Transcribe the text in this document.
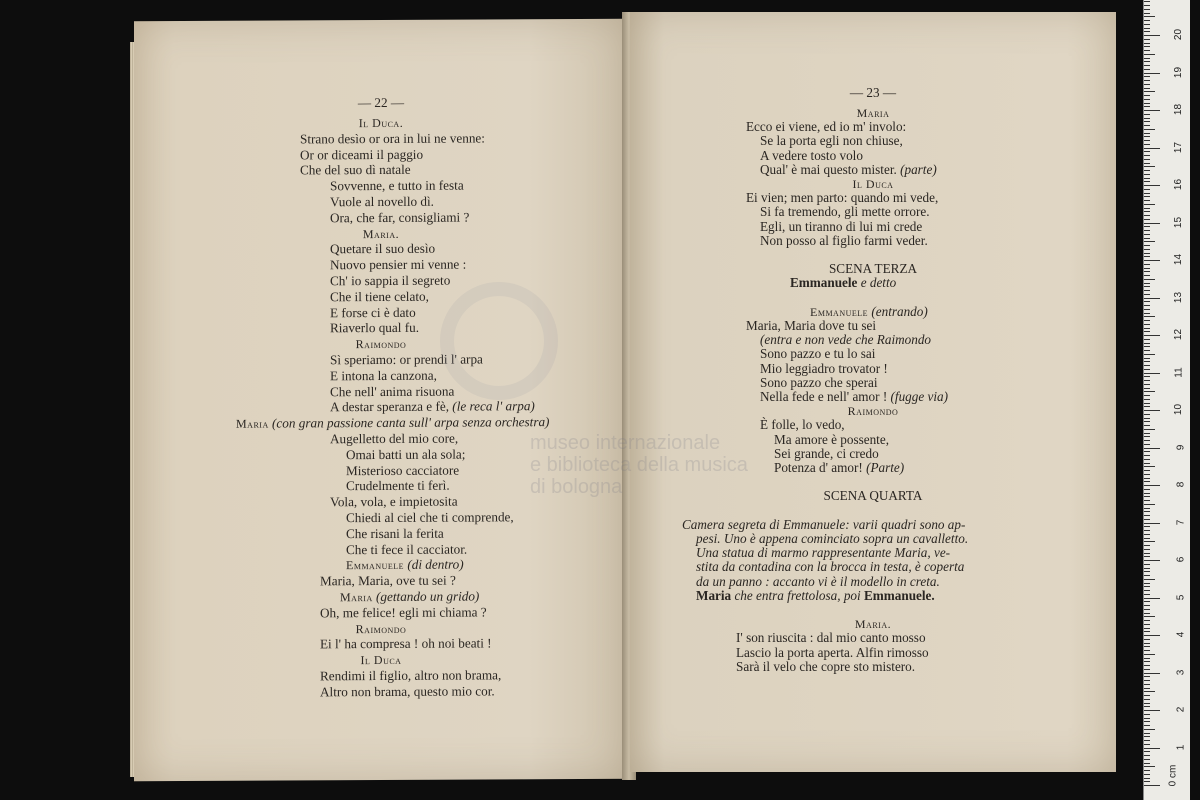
— 22 —
Il Duca.
Strano desìo or ora in lui ne venne:
Or or diceami il paggio
Che del suo dì natale
Sovvenne, e tutto in festa
Vuole al novello dì.
Ora, che far, consigliami ?
Maria.
Quetare il suo desìo
Nuovo pensier mi venne :
Ch' io sappia il segreto
Che il tiene celato,
E forse ci è dato
Riaverlo qual fu.
Raimondo
Sì speriamo: or prendi l' arpa
E intona la canzona,
Che nell' anima risuona
A destar speranza e fè, (le reca l' arpa)
Maria (con gran passione canta sull' arpa senza orchestra)
Augelletto del mio core,
Omai batti un ala sola;
Misterioso cacciatore
Crudelmente ti ferì.
Vola, vola, e impietosita
Chiedi al ciel che ti comprende,
Che risani la ferita
Che ti fece il cacciator.
Emmanuele (di dentro)
Maria, Maria, ove tu sei ?
Maria (gettando un grido)
Oh, me felice! egli mi chiama ?
Raimondo
Ei l' ha compresa ! oh noi beati !
Il Duca
Rendimi il figlio, altro non brama,
Altro non brama, questo mio cor.
— 23 —
Maria
Ecco ei viene, ed io m' involo:
Se la porta egli non chiuse,
A vedere tosto volo
Qual' è mai questo mister. (parte)
Il Duca
Ei vien; men parto: quando mi vede,
Si fa tremendo, gli mette orrore.
Egli, un tiranno di lui mi crede
Non posso al figlio farmi veder.
SCENA TERZA
Emmanuele e detto
Emmanuele (entrando)
Maria, Maria dove tu sei
(entra e non vede che Raimondo
Sono pazzo e tu lo sai
Mio leggiadro trovator !
Sono pazzo che sperai
Nella fede e nell' amor ! (fugge via)
Raimondo
È folle, lo vedo,
Ma amore è possente,
Sei grande, ci credo
Potenza d' amor! (Parte)
SCENA QUARTA
Camera segreta di Emmanuele: varii quadri sono ap-
pesi. Uno è appena cominciato sopra un cavalletto.
Una statua di marmo rappresentante Maria, ve-
stita da contadina con la brocca in testa, è coperta
da un panno : accanto vi è il modello in creta.
Maria che entra frettolosa, poi Emmanuele.
Maria.
I' son riuscita : dal mio canto mosso
Lascio la porta aperta. Alfin rimosso
Sarà il velo che copre sto mistero.
museo internazionale
e biblioteca della musica
di bologna
0 cm
1
2
3
4
5
6
7
8
9
10
11
12
13
14
15
16
17
18
19
20
